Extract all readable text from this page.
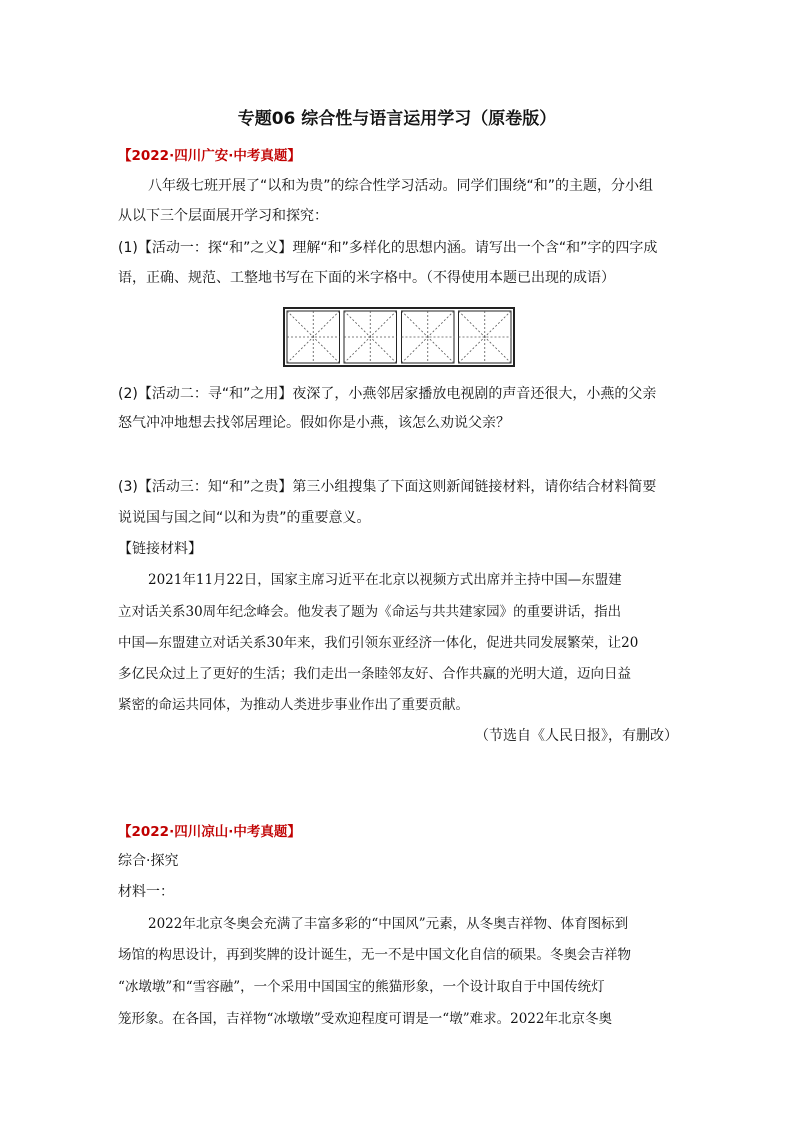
专题06 综合性与语言运用学习（原卷版）
【2022·四川广安·中考真题】
八年级七班开展了“以和为贵”的综合性学习活动。同学们围绕“和”的主题，分小组
从以下三个层面展开学习和探究：
(1)【活动一：探“和”之义】理解“和”多样化的思想内涵。请写出一个含“和”字的四字成
语，正确、规范、工整地书写在下面的米字格中。（不得使用本题已出现的成语）
(2)【活动二：寻“和”之用】夜深了，小燕邻居家播放电视剧的声音还很大，小燕的父亲
怒气冲冲地想去找邻居理论。假如你是小燕，该怎么劝说父亲？
(3)【活动三：知“和”之贵】第三小组搜集了下面这则新闻链接材料，请你结合材料简要
说说国与国之间“以和为贵”的重要意义。
【链接材料】
2021年11月22日，国家主席习近平在北京以视频方式出席并主持中国—东盟建
立对话关系30周年纪念峰会。他发表了题为《命运与共共建家园》的重要讲话，指出
中国—东盟建立对话关系30年来，我们引领东亚经济一体化，促进共同发展繁荣，让20
多亿民众过上了更好的生活；我们走出一条睦邻友好、合作共赢的光明大道，迈向日益
紧密的命运共同体，为推动人类进步事业作出了重要贡献。
（节选自《人民日报》，有删改）
【2022·四川凉山·中考真题】
综合·探究
材料一：
2022年北京冬奥会充满了丰富多彩的“中国风”元素，从冬奥吉祥物、体育图标到
场馆的构思设计，再到奖牌的设计诞生，无一不是中国文化自信的硕果。冬奥会吉祥物
“冰墩墩”和“雪容融”，一个采用中国国宝的熊猫形象，一个设计取自于中国传统灯
笼形象。在各国，吉祥物“冰墩墩”受欢迎程度可谓是一“墩”难求。2022年北京冬奥
